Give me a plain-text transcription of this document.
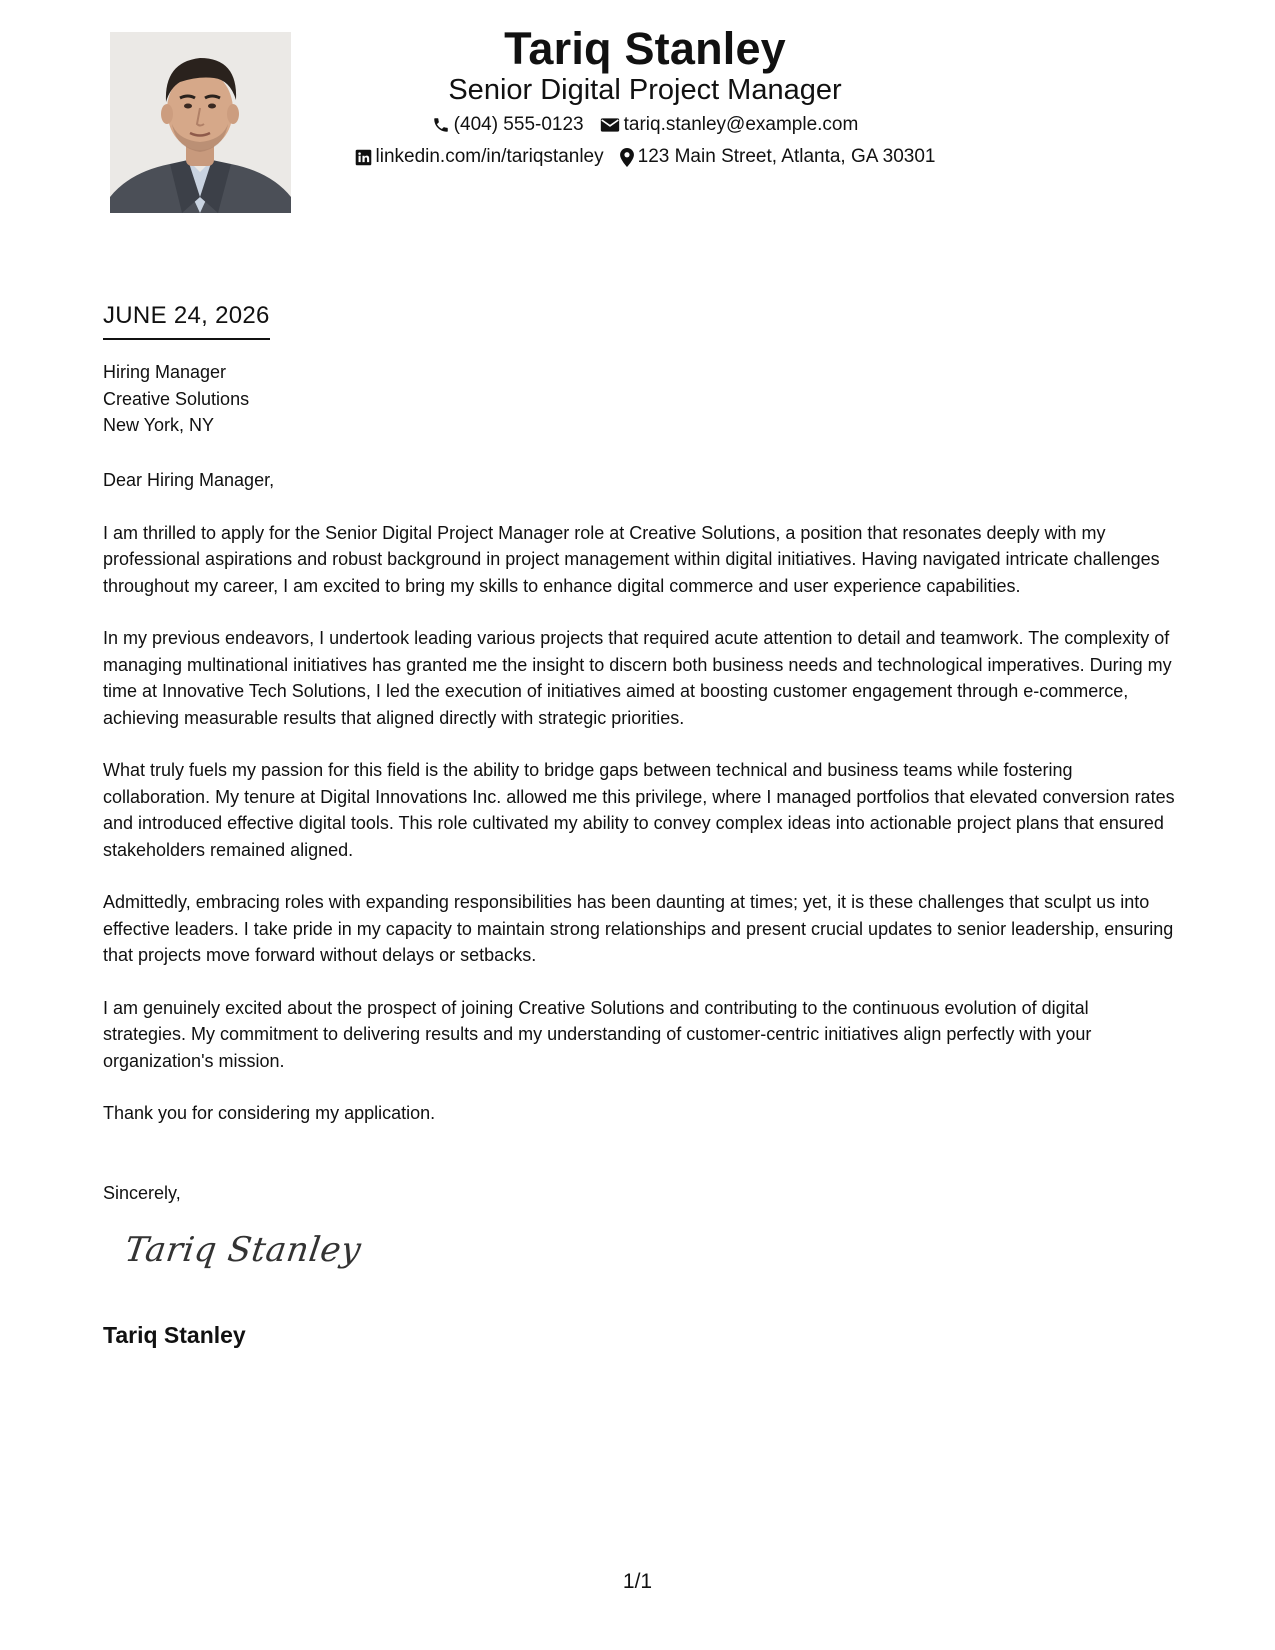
Tariq Stanley
Senior Digital Project Manager
(404) 555-0123 tariq.stanley@example.com
linkedin.com/in/tariqstanley 123 Main Street, Atlanta, GA 30301
JUNE 24, 2026
Hiring Manager
Creative Solutions
New York, NY

Dear Hiring Manager,

I am thrilled to apply for the Senior Digital Project Manager role at Creative Solutions, a position that resonates deeply with my professional aspirations and robust background in project management within digital initiatives. Having navigated intricate challenges throughout my career, I am excited to bring my skills to enhance digital commerce and user experience capabilities.

In my previous endeavors, I undertook leading various projects that required acute attention to detail and teamwork. The complexity of managing multinational initiatives has granted me the insight to discern both business needs and technological imperatives. During my time at Innovative Tech Solutions, I led the execution of initiatives aimed at boosting customer engagement through e-commerce, achieving measurable results that aligned directly with strategic priorities.

What truly fuels my passion for this field is the ability to bridge gaps between technical and business teams while fostering collaboration. My tenure at Digital Innovations Inc. allowed me this privilege, where I managed portfolios that elevated conversion rates and introduced effective digital tools. This role cultivated my ability to convey complex ideas into actionable project plans that ensured stakeholders remained aligned.

Admittedly, embracing roles with expanding responsibilities has been daunting at times; yet, it is these challenges that sculpt us into effective leaders. I take pride in my capacity to maintain strong relationships and present crucial updates to senior leadership, ensuring that projects move forward without delays or setbacks.

I am genuinely excited about the prospect of joining Creative Solutions and contributing to the continuous evolution of digital strategies. My commitment to delivering results and my understanding of customer-centric initiatives align perfectly with your organization's mission.

Thank you for considering my application.

Sincerely,
Tariq Stanley
Tariq Stanley
1/1
